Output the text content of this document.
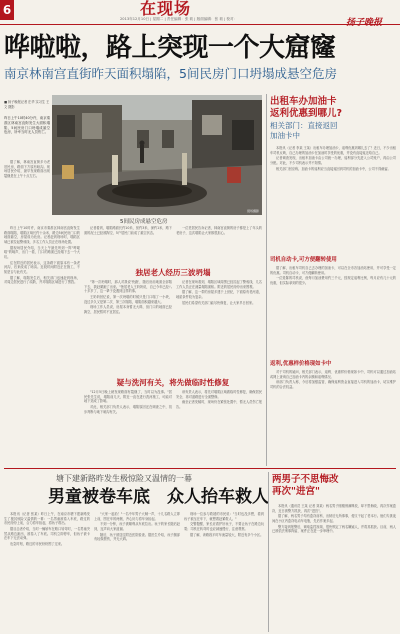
6	在现场
2013年12月10日 | 星期二 | 责任编辑：张 莉 | 版面编辑：张 莉 | 校对：	扬子晚报
哗啦啦，路上突现一个大窟窿
南京林南宫直街昨天面积塌陷，5间民房门口坍塌成悬空危房
■ 扬子晚报记者 庄华 实习生 王 文 摄影
昨日上午10时40分许，南京秦淮区林南宫直街发生大面积塌陷，5间民房门口坍塌成悬空危房，所幸当时无人员伤亡。
现场摄影

据了解，林南宫直街多为老旧民房，路面下方原有暗沟。现场居民介绍，最早发现路面出现裂缝是在上午十点左右。

5间民房成悬空危房

昨日上午10时许，南京市秦淮区林南宫直街发生路面塌陷，塌陷区域长约十余米，路边5间民房门口的地面悬空，房屋成为危房。记者赶到现场时，塌陷区域已被拉起警戒线，多名工作人员正在现场处置。

据现场居民介绍，当天上午最先听到一阵"哗啦啦"的响声，出门一看，门口的路面已经塌下去一个大坑。

住在附近的居民表示，这条路下面原本有一条老河沟，后来改成了暗沟。近段时间附近正在施工，不知是否与此有关。

据了解，塌陷发生后，相关部门迅速赶到现场，对周边居民进行了疏散，并对塌陷区域进行了围挡。

记者看到，塌陷路面长约10米，宽约3米，深约1米，路下面的泥土已经被掏空，5户居民门前成了悬空状态。

一位老居民告诉记者，林南宫直街的房子都是上了年头的老房子，这次塌陷让大家都很担心。

独居老人经历三波坍塌

"第一次坍塌时，那人对我说'快跑'，随后房前地面全部陷下去，我赶紧跑了出来。"独居老人王奶奶说，自己今年已经八十多岁了，这一辈子没遇到这样的事。

王奶奶回忆说，第一次坍塌的时候只是门口塌了一小块，没过多久又是第二次、第三次塌陷，塌陷面积越来越大。

现场工作人员说，房屋本身暂无大碍，但门口的地面已经掏空，居民暂时不宜居住。

记者在现场看到，塌陷区域周围已经拉起了警戒线，几名工作人员正在测量塌陷面积。附近的居民纷纷出来围观。

据了解，这一带的房屋多建于上世纪，下面原有老河道，地质条件较为复杂。

居民们希望有关部门能尽快修复，让大家早日回家。

疑与洗河有关，将先做临时性修复

"12月5日晚上就发现路面有裂缝了，当时以为没事。"居民张先生说，塌陷前几天，附近一直在进行洗河施工，可能对地下造成了影响。

对此，相关部门负责人表示，塌陷原因还在调查之中，初步判断与地下暗沟有关。

该负责人表示，将先对塌陷区域做临时性修复，确保居民安全，再对道路进行全面整修。

截至记者发稿时，现场仍在紧张处置中，暂无人员伤亡报告。

出租车办加油卡
返利优惠到哪儿?
相关部门：直接返回
加油卡中

本报讯（记者 李某 王某）出租车办理加油卡，返利优惠到哪儿去了？近日，不少出租车司机反映，自己办理的加油卡在加油时享受的优惠，并没有直接返还给自己。

记者调查发现，出租车加油卡由公司统一办理，返利部分先进入公司账户，再由公司分配。对此，不少司机表示并不知情。

相关部门回应称，加油卡的返利应当直接返回到司机的加油卡中，公司不得截留。

司机自动卡,可方便翻转使用

据了解，出租车司机自己去办理的加油卡，可以在全市各加油站使用，并可享受一定的优惠。司机自动卡，可方便翻转使用。

一位姓陈的司机说，他每月加油费用约三千元，按规定返利比例，每月应有几十元的优惠，但实际拿到的很少。

返利,优惠样价格现如卡中

对于司机的疑问，相关部门表示，返利、优惠样价格现如卡中，司机可以通过加油站或网上查询自己加油卡内的余额和返利情况。

该部门负责人称，今后将加强监管，确保返利资金直接进入司机的加油卡，切实维护司机的合法权益。

塘下建新路昨发生极惊险又温情的一幕
男童被卷车底　众人抬车救人

本报讯（记者 张某）昨日上午，在南京市塘下建新路发生了极其惊险又温情的一幕：一名男童被卷入车底，路过的市民纷纷上前，合力将车抬起，将孩子救出。

据目击者介绍，当时一辆轿车在路口转弯时，一名男童突然从路边跑出，被卷入了车底。司机立即停车，但孩子被卡在车下无法动弹。

危急时刻，路边的市民纷纷围了过来。

"大家一起抬！"一名中年男子大喊一声，十几名路人立即上前，围在车的两侧，齐心协力将车身抬起。

不到一分钟，孩子被顺利从车底拉出。孩子的家长随后赶到，连声向大家道谢。

随后，孩子被送往附近医院检查。据医生介绍，孩子腿部有轻微擦伤，并无大碍。

现场一位参与救援的市民说："当时也没多想，看到孩子被压在车下，就想着赶紧救人。"

交警提醒，家长应看护好孩子，不要让孩子在路边玩耍；司机在转弯时也应减速慢行，注意观察。

据了解，该路段平时车流量较大，附近有多个小区。

两男子不思悔改
再次"进宫"

本报讯（通讯员 王某 记者 刘某）两名男子刚刚刑满释放，却不思悔改，再次作案盗窃，近日被警方抓获，再次"进宫"。

据了解，两名男子均有盗窃前科，出狱后无所事事，便又干起了老本行。他们专挑夜间在小区内盗窃电动车电瓶，先后作案多起。

警方接到报警后，调取监控视频，很快锁定了两名嫌疑人，并将其抓获。目前，两人已被依法刑事拘留，案件正在进一步审理中。
